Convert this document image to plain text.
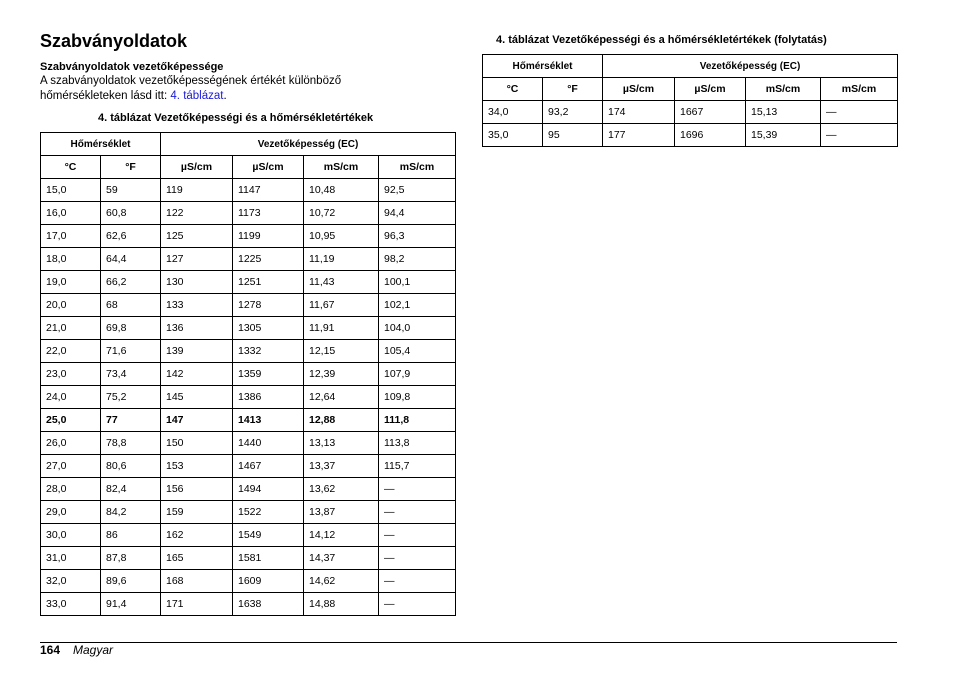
Szabványoldatok
Szabványoldatok vezetőképessége

A szabványoldatok vezetőképességének értékét különböző hőmérsékleteken lásd itt: 4. táblázat.

4. táblázat Vezetőképességi és a hőmérsékletértékek

Hőmérséklet		Vezetőképesség (EC)			
°C	°F	µS/cm	µS/cm	mS/cm	mS/cm
15,0	59	119	1147	10,48	92,5
16,0	60,8	122	1173	10,72	94,4
17,0	62,6	125	1199	10,95	96,3
18,0	64,4	127	1225	11,19	98,2
19,0	66,2	130	1251	11,43	100,1
20,0	68	133	1278	11,67	102,1
21,0	69,8	136	1305	11,91	104,0
22,0	71,6	139	1332	12,15	105,4
23,0	73,4	142	1359	12,39	107,9
24,0	75,2	145	1386	12,64	109,8
25,0	77	147	1413	12,88	111,8
26,0	78,8	150	1440	13,13	113,8
27,0	80,6	153	1467	13,37	115,7
28,0	82,4	156	1494	13,62	—
29,0	84,2	159	1522	13,87	—
30,0	86	162	1549	14,12	—
31,0	87,8	165	1581	14,37	—
32,0	89,6	168	1609	14,62	—
33,0	91,4	171	1638	14,88	—

4. táblázat Vezetőképességi és a hőmérsékletértékek (folytatás)

Hőmérséklet		Vezetőképesség (EC)			
°C	°F	µS/cm	µS/cm	mS/cm	mS/cm
34,0	93,2	174	1667	15,13	—
35,0	95	177	1696	15,39	—
164 Magyar
